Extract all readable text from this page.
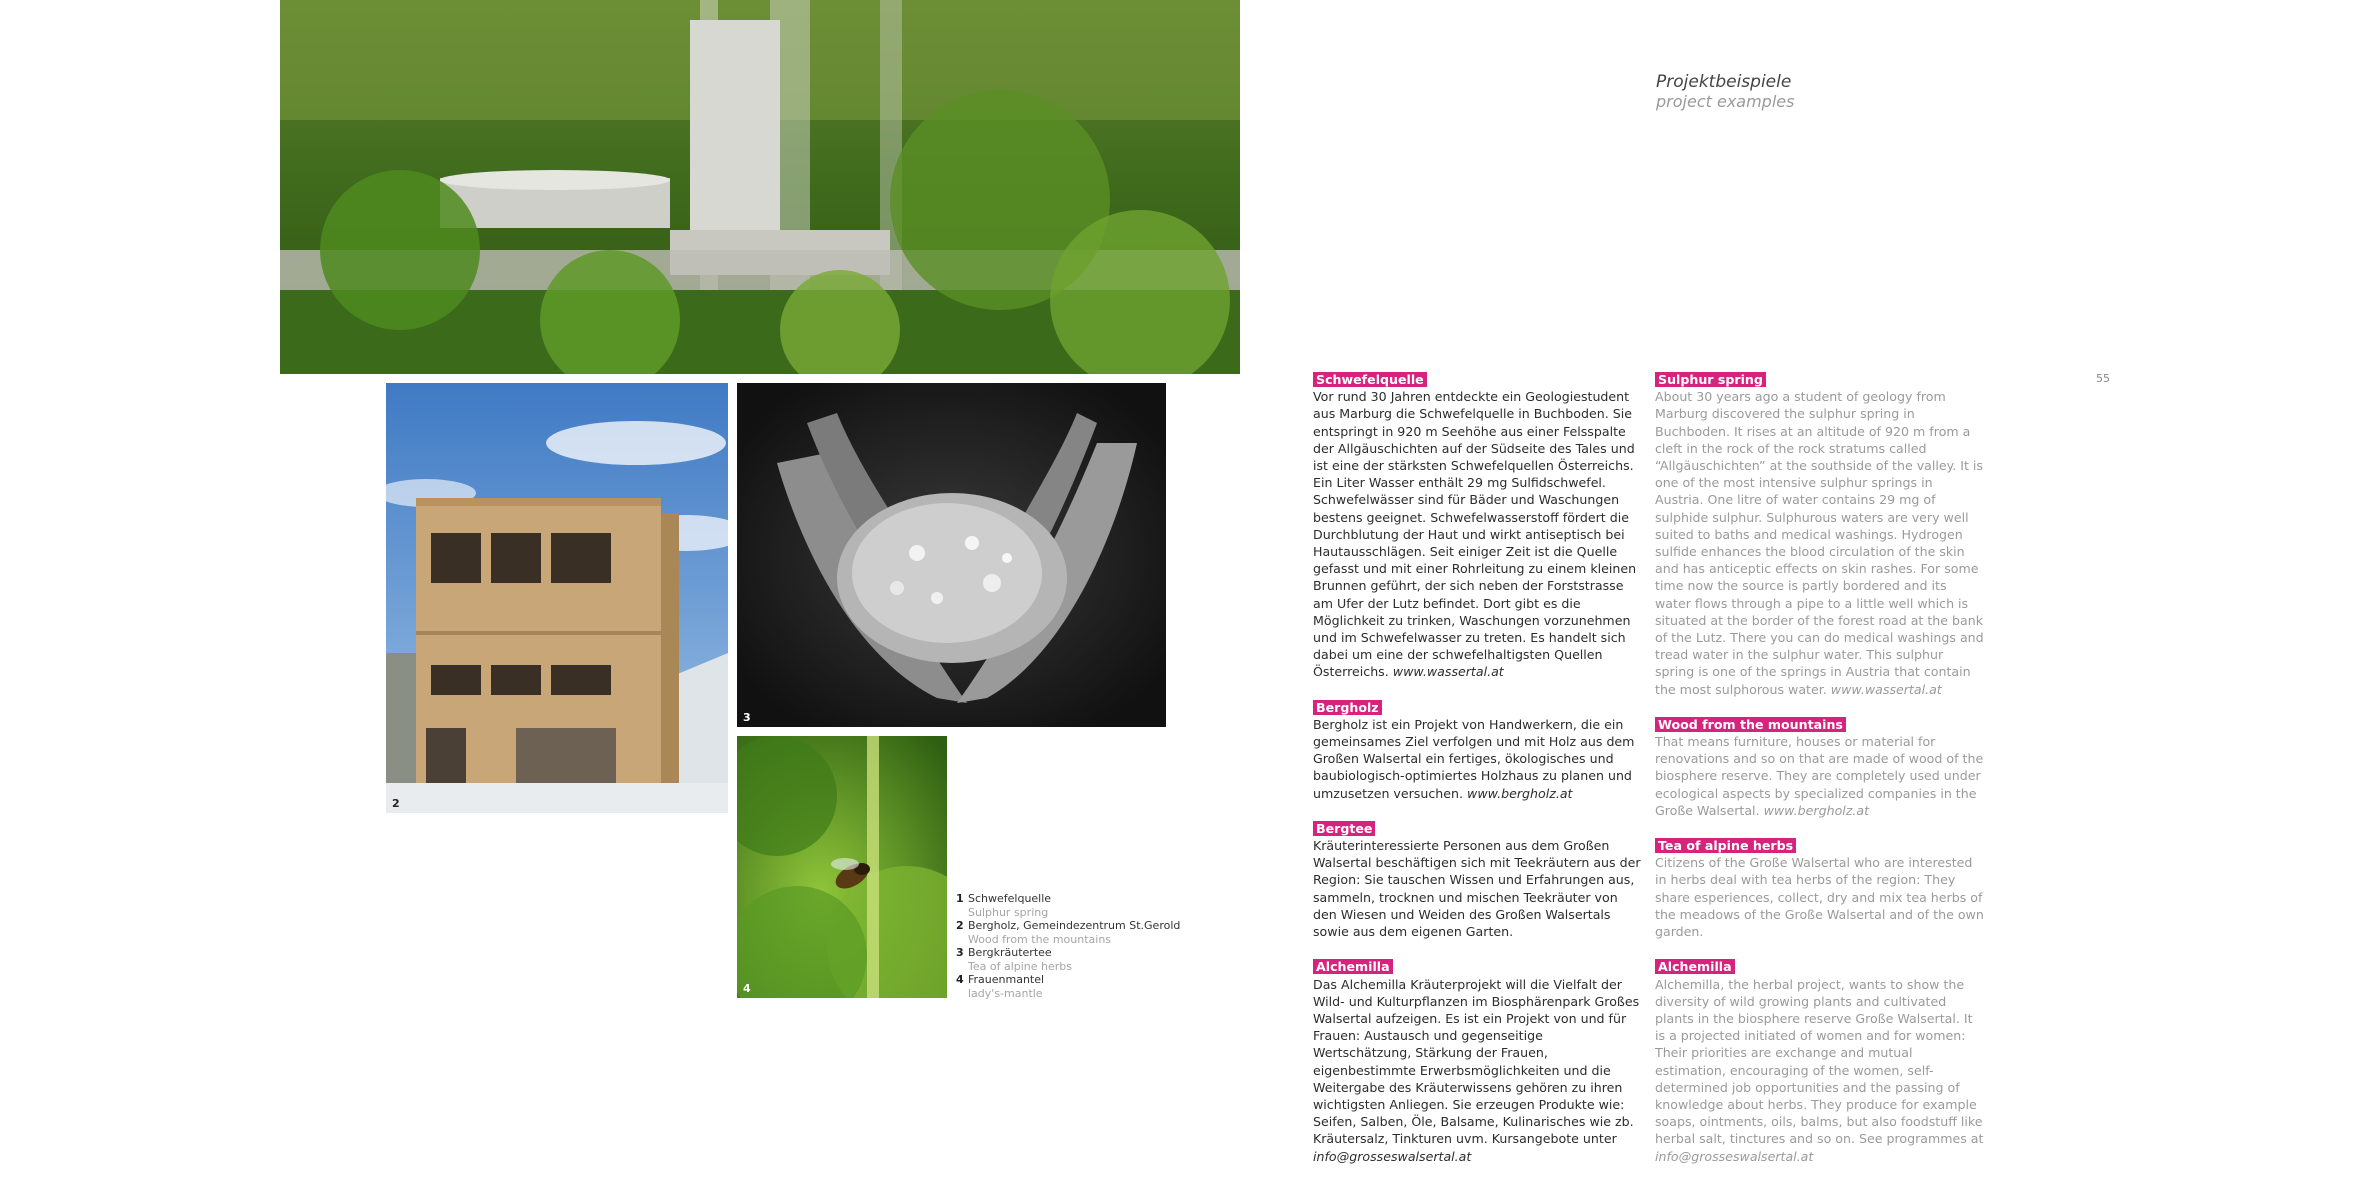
2
3
4
1 Schwefelquelle
Sulphur spring
2 Bergholz, Gemeindezentrum St.Gerold
Wood from the mountains
3 Bergkräutertee
Tea of alpine herbs
4 Frauenmantel
lady's-mantle
Projektbeispiele
project examples
55
Schwefelquelle
Vor rund 30 Jahren entdeckte ein Geologiestudent aus Marburg die Schwefelquelle in Buchboden. Sie entspringt in 920 m Seehöhe aus einer Felsspalte der Allgäuschichten auf der Südseite des Tales und ist eine der stärksten Schwefelquellen Österreichs. Ein Liter Wasser enthält 29 mg Sulfidschwefel. Schwefelwässer sind für Bäder und Waschungen bestens geeignet. Schwefelwasserstoff fördert die Durchblutung der Haut und wirkt antiseptisch bei Hautausschlägen. Seit einiger Zeit ist die Quelle gefasst und mit einer Rohrleitung zu einem kleinen Brunnen geführt, der sich neben der Forststrasse am Ufer der Lutz befindet. Dort gibt es die Möglichkeit zu trinken, Waschungen vorzunehmen und im Schwefelwasser zu treten. Es handelt sich dabei um eine der schwefelhaltigsten Quellen Österreichs. www.wassertal.at
Bergholz
Bergholz ist ein Projekt von Handwerkern, die ein gemeinsames Ziel verfolgen und mit Holz aus dem Großen Walsertal ein fertiges, ökologisches und baubiologisch-optimiertes Holzhaus zu planen und umzusetzen versuchen. www.bergholz.at
Bergtee
Kräuterinteressierte Personen aus dem Großen Walsertal beschäftigen sich mit Teekräutern aus der Region: Sie tauschen Wissen und Erfahrungen aus, sammeln, trocknen und mischen Teekräuter von den Wiesen und Weiden des Großen Walsertals sowie aus dem eigenen Garten.
Alchemilla
Das Alchemilla Kräuterprojekt will die Vielfalt der Wild- und Kulturpflanzen im Biosphärenpark Großes Walsertal aufzeigen. Es ist ein Projekt von und für Frauen: Austausch und gegenseitige Wertschätzung, Stärkung der Frauen, eigenbestimmte Erwerbsmöglichkeiten und die Weitergabe des Kräuterwissens gehören zu ihren wichtigsten Anliegen. Sie erzeugen Produkte wie: Seifen, Salben, Öle, Balsame, Kulinarisches wie zb. Kräutersalz, Tinkturen uvm. Kursangebote unter info@grosseswalsertal.at
Sulphur spring
About 30 years ago a student of geology from Marburg discovered the sulphur spring in Buchboden. It rises at an altitude of 920 m from a cleft in the rock of the rock stratums called “Allgäuschichten” at the southside of the valley. It is one of the most intensive sulphur springs in Austria. One litre of water contains 29 mg of sulphide sulphur. Sulphurous waters are very well suited to baths and medical washings. Hydrogen sulfide enhances the blood circulation of the skin and has anticeptic effects on skin rashes. For some time now the source is partly bordered and its water flows through a pipe to a little well which is situated at the border of the forest road at the bank of the Lutz. There you can do medical washings and tread water in the sulphur water. This sulphur spring is one of the springs in Austria that contain the most sulphorous water. www.wassertal.at
Wood from the mountains
That means furniture, houses or material for renovations and so on that are made of wood of the biosphere reserve. They are completely used under ecological aspects by specialized companies in the Große Walsertal. www.bergholz.at
Tea of alpine herbs
Citizens of the Große Walsertal who are interested in herbs deal with tea herbs of the region: They share esperiences, collect, dry and mix tea herbs of the meadows of the Große Walsertal and of the own garden.
Alchemilla
Alchemilla, the herbal project, wants to show the diversity of wild growing plants and cultivated plants in the biosphere reserve Große Walsertal. It is a projected initiated of women and for women: Their priorities are exchange and mutual estimation, encouraging of the women, self-determined job opportunities and the passing of knowledge about herbs. They produce for example soaps, ointments, oils, balms, but also foodstuff like herbal salt, tinctures and so on. See programmes at info@grosseswalsertal.at
